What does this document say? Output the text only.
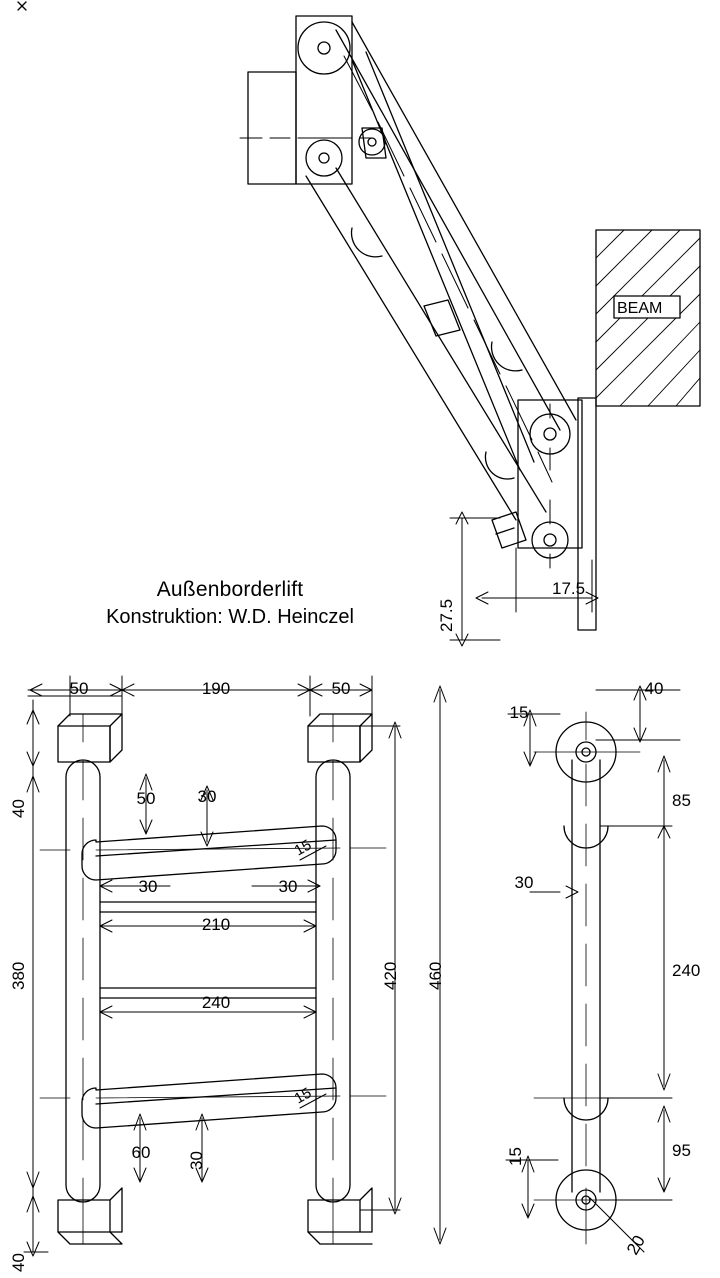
BEAM
27.5
17.5
50	190	50
40
380
40
50 30
30	30
210
240
420 460
60 30
15
15
15
40
85
240
95
30
15
20
Außenborderlift
Konstruktion: W.D. Heinczel
